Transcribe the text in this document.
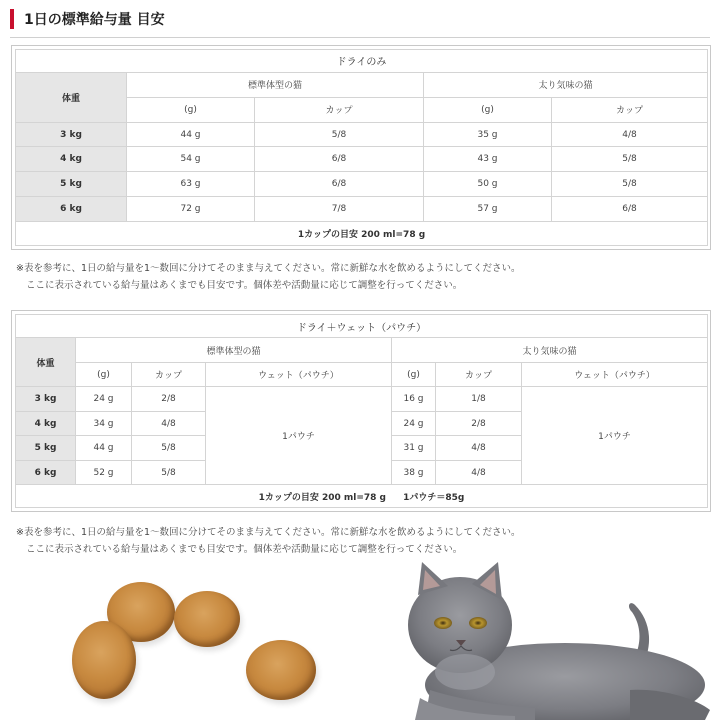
1日の標準給与量 目安
ドライのみ				
体重	標準体型の猫		太り気味の猫	
	(g)	カップ	(g)	カップ
3 kg	44 g	5/8	35 g	4/8
4 kg	54 g	6/8	43 g	5/8
5 kg	63 g	6/8	50 g	5/8
6 kg	72 g	7/8	57 g	6/8
1カップの目安 200 ml=78 g				
※表を参考に、1日の給与量を1～数回に分けてそのまま与えてください。常に新鮮な水を飲めるようにしてください。
ここに表示されている給与量はあくまでも目安です。個体差や活動量に応じて調整を行ってください。
ドライ＋ウェット（パウチ）						
体重	標準体型の猫			太り気味の猫		
	(g)	カップ	ウェット（パウチ）	(g)	カップ	ウェット（パウチ）
3 kg	24 g	2/8	1パウチ	16 g	1/8	1パウチ
4 kg	34 g	4/8		24 g	2/8	
5 kg	44 g	5/8		31 g	4/8	
6 kg	52 g	5/8		38 g	4/8	
1カップの目安 200 ml=78 g 1パウチ＝85g						
※表を参考に、1日の給与量を1～数回に分けてそのまま与えてください。常に新鮮な水を飲めるようにしてください。
ここに表示されている給与量はあくまでも目安です。個体差や活動量に応じて調整を行ってください。
